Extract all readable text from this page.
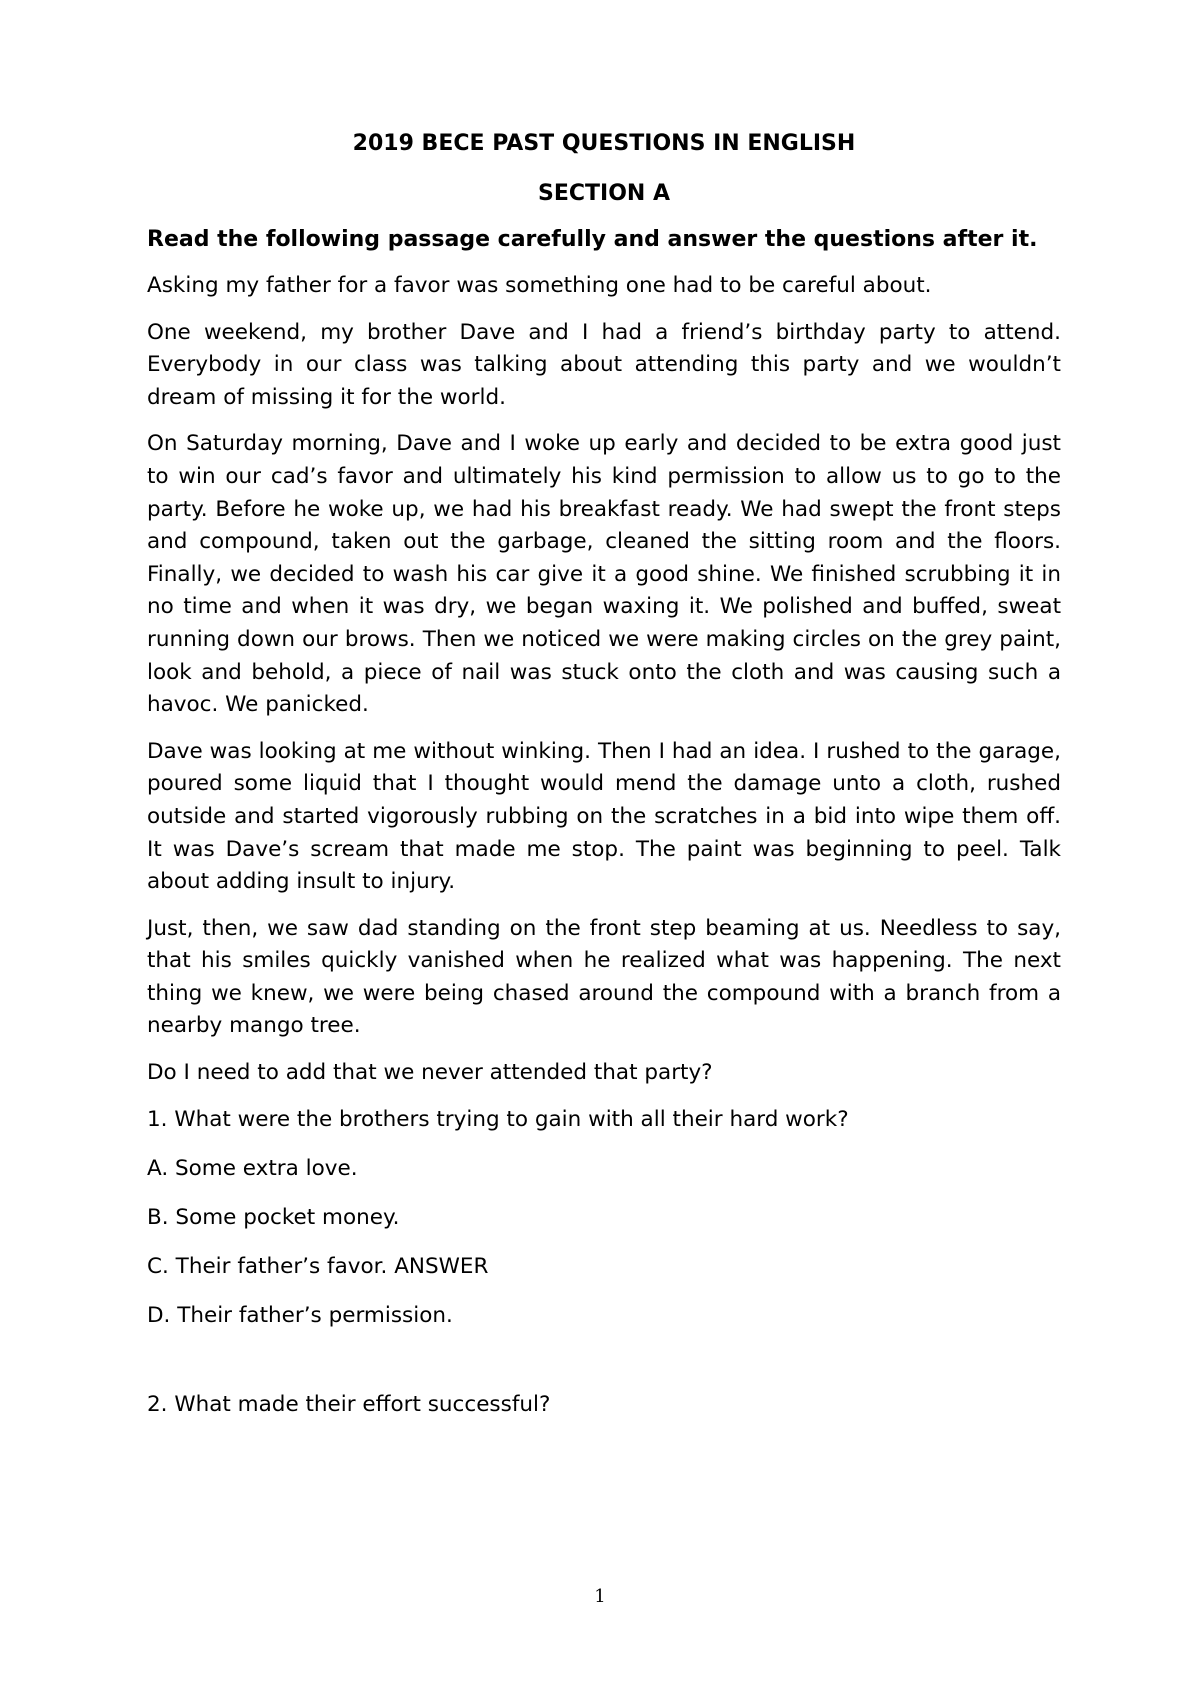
2019 BECE PAST QUESTIONS IN ENGLISH

SECTION A

Read the following passage carefully and answer the questions after it.

Asking my father for a favor was something one had to be careful about.

One weekend, my brother Dave and I had a friend’s birthday party to attend. Everybody in our class was talking about attending this party and we wouldn’t dream of missing it for the world.

On Saturday morning, Dave and I woke up early and decided to be extra good just to win our cad’s favor and ultimately his kind permission to allow us to go to the party. Before he woke up, we had his breakfast ready. We had swept the front steps and compound, taken out the garbage, cleaned the sitting room and the floors. Finally, we decided to wash his car give it a good shine. We finished scrubbing it in no time and when it was dry, we began waxing it. We polished and buffed, sweat running down our brows. Then we noticed we were making circles on the grey paint, look and behold, a piece of nail was stuck onto the cloth and was causing such a havoc. We panicked.

Dave was looking at me without winking. Then I had an idea. I rushed to the garage, poured some liquid that I thought would mend the damage unto a cloth, rushed outside and started vigorously rubbing on the scratches in a bid into wipe them off. It was Dave’s scream that made me stop. The paint was beginning to peel. Talk about adding insult to injury.

Just, then, we saw dad standing on the front step beaming at us. Needless to say, that his smiles quickly vanished when he realized what was happening. The next thing we knew, we were being chased around the compound with a branch from a nearby mango tree.

Do I need to add that we never attended that party?

1. What were the brothers trying to gain with all their hard work?

A. Some extra love.

B. Some pocket money.

C. Their father’s favor. ANSWER

D. Their father’s permission.

2. What made their effort successful?

1
